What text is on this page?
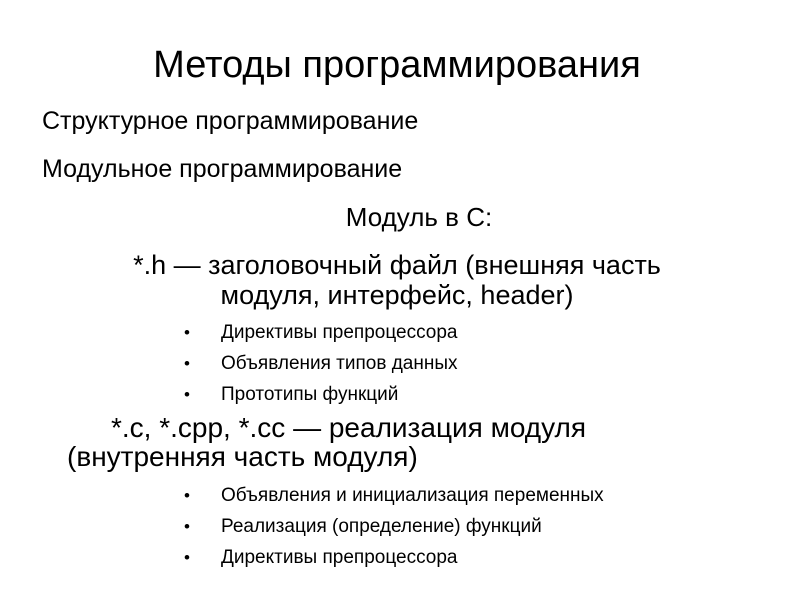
Методы программирования
Структурное программирование
Модульное программирование
Модуль в С:
*.h — заголовочный файл (внешняя часть
модуля, интерфейс, header)
• Директивы препроцессора
• Объявления типов данных
• Прототипы функций
*.c, *.cpp, *.cc — реализация модуля
(внутренняя часть модуля)
• Объявления и инициализация переменных
• Реализация (определение) функций
• Директивы препроцессора
